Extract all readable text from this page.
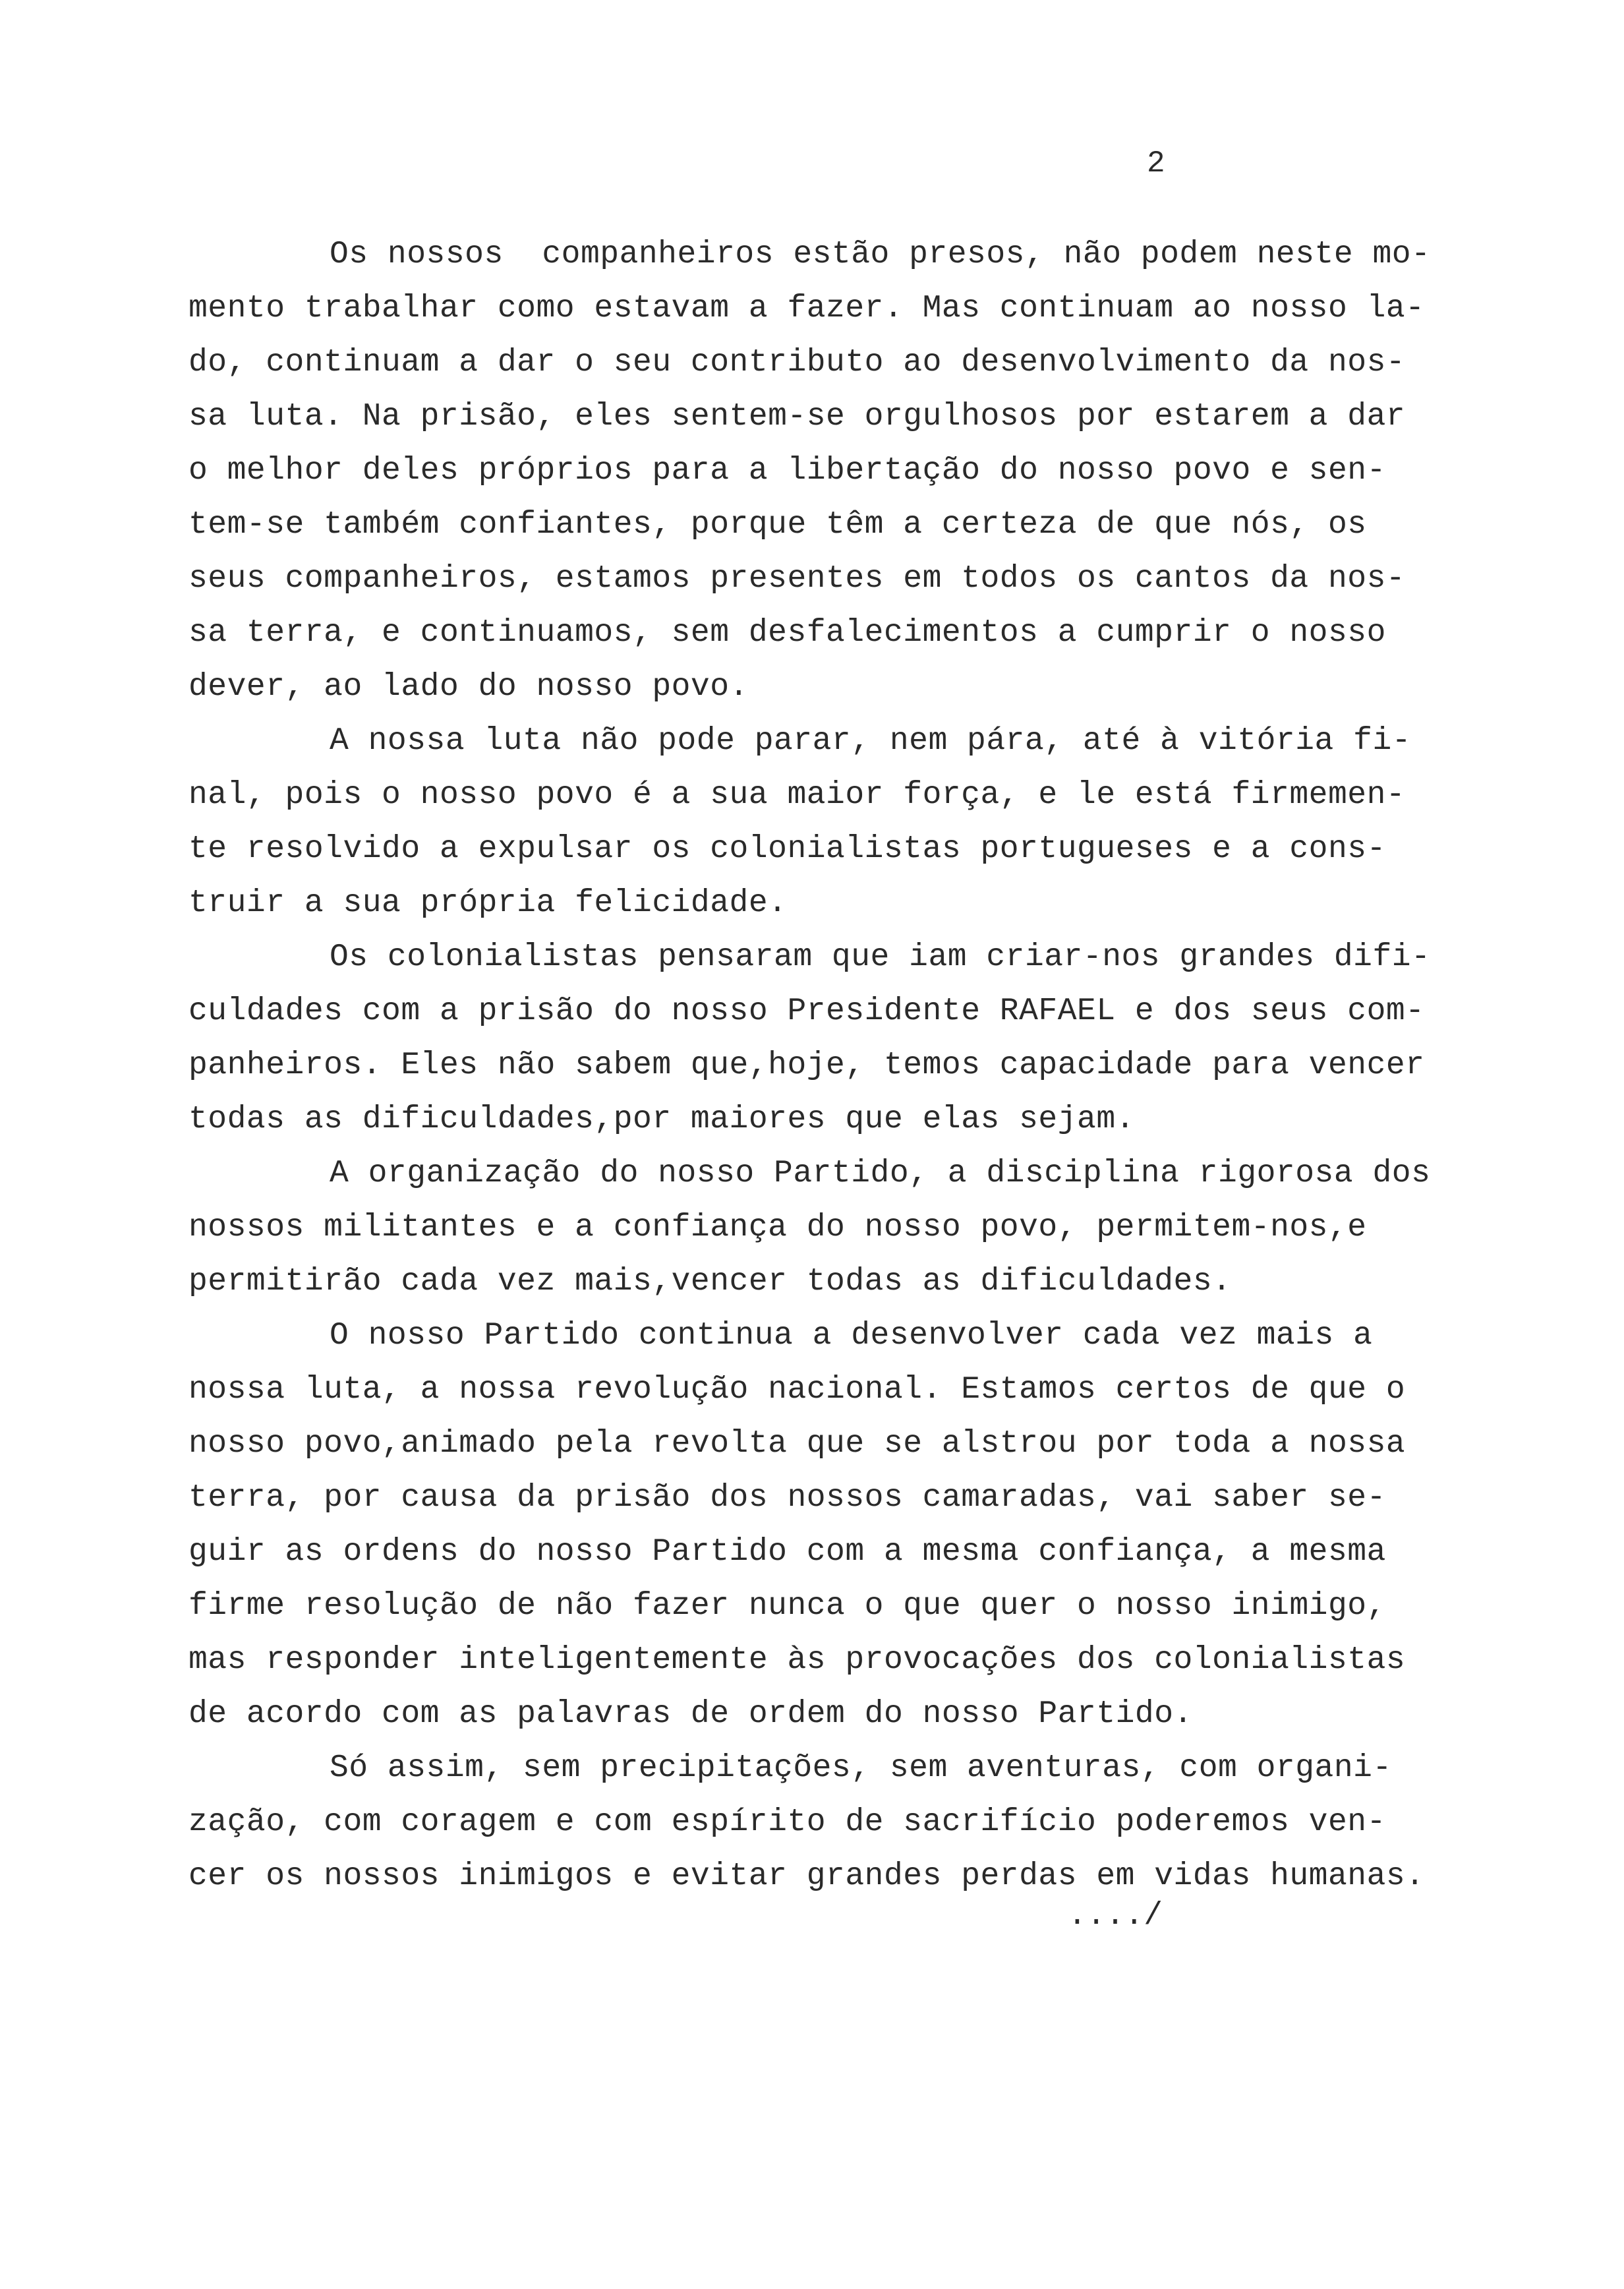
2
Os nossos  companheiros estão presos, não podem neste mo-
mento trabalhar como estavam a fazer. Mas continuam ao nosso la-
do, continuam a dar o seu contributo ao desenvolvimento da nos-
sa luta. Na prisão, eles sentem-se orgulhosos por estarem a dar
o melhor deles próprios para a libertação do nosso povo e sen-
tem-se também confiantes, porque têm a certeza de que nós, os
seus companheiros, estamos presentes em todos os cantos da nos-
sa terra, e continuamos, sem desfalecimentos a cumprir o nosso
dever, ao lado do nosso povo.
A nossa luta não pode parar, nem pára, até à vitória fi-
nal, pois o nosso povo é a sua maior força, e le está firmemen-
te resolvido a expulsar os colonialistas portugueses e a cons-
truir a sua própria felicidade.
Os colonialistas pensaram que iam criar-nos grandes difi-
culdades com a prisão do nosso Presidente RAFAEL e dos seus com-
panheiros. Eles não sabem que,hoje, temos capacidade para vencer
todas as dificuldades,por maiores que elas sejam.
A organização do nosso Partido, a disciplina rigorosa dos
nossos militantes e a confiança do nosso povo, permitem-nos,e
permitirão cada vez mais,vencer todas as dificuldades.
O nosso Partido continua a desenvolver cada vez mais a
nossa luta, a nossa revolução nacional. Estamos certos de que o
nosso povo,animado pela revolta que se alstrou por toda a nossa
terra, por causa da prisão dos nossos camaradas, vai saber se-
guir as ordens do nosso Partido com a mesma confiança, a mesma
firme resolução de não fazer nunca o que quer o nosso inimigo,
mas responder inteligentemente às provocações dos colonialistas
de acordo com as palavras de ordem do nosso Partido.
Só assim, sem precipitações, sem aventuras, com organi-
zação, com coragem e com espírito de sacrifício poderemos ven-
cer os nossos inimigos e evitar grandes perdas em vidas humanas.
..../
